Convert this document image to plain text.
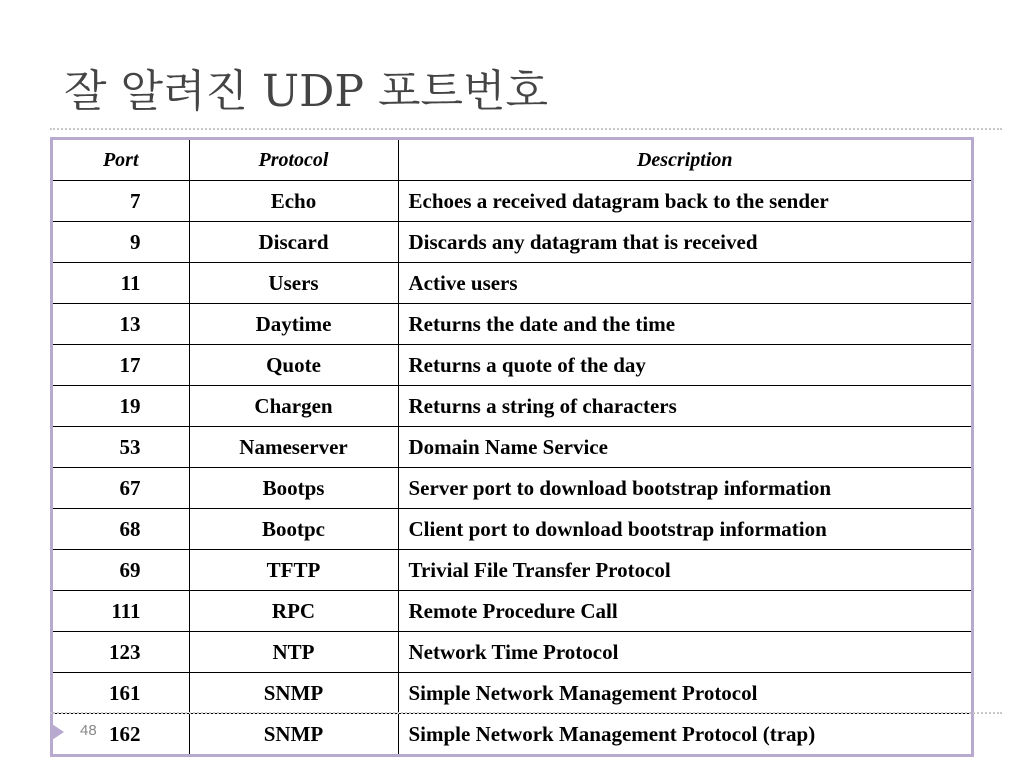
잘 알려진 UDP 포트번호
Port	Protocol	Description
7	Echo	Echoes a received datagram back to the sender
9	Discard	Discards any datagram that is received
11	Users	Active users
13	Daytime	Returns the date and the time
17	Quote	Returns a quote of the day
19	Chargen	Returns a string of characters
53	Nameserver	Domain Name Service
67	Bootps	Server port to download bootstrap information
68	Bootpc	Client port to download bootstrap information
69	TFTP	Trivial File Transfer Protocol
111	RPC	Remote Procedure Call
123	NTP	Network Time Protocol
161	SNMP	Simple Network Management Protocol
162	SNMP	Simple Network Management Protocol (trap)
48
